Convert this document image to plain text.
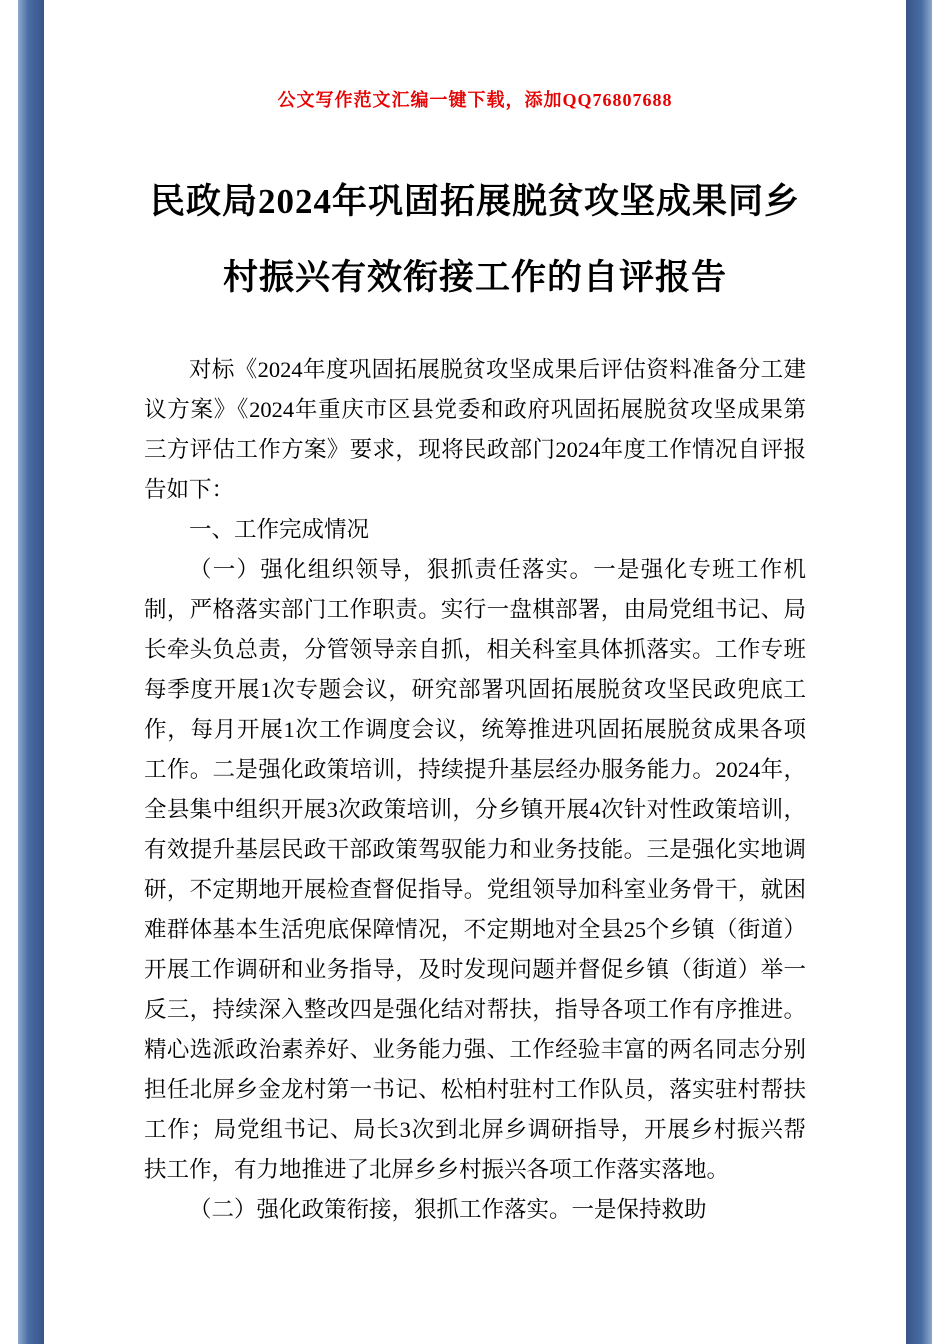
公文写作范文汇编一键下载，添加QQ76807688
民政局2024年巩固拓展脱贫攻坚成果同乡
村振兴有效衔接工作的自评报告

对标《2024年度巩固拓展脱贫攻坚成果后评估资料准备分工建议方案》《2024年重庆市区县党委和政府巩固拓展脱贫攻坚成果第三方评估工作方案》要求，现将民政部门2024年度工作情况自评报告如下：

一、工作完成情况

（一）强化组织领导，狠抓责任落实。一是强化专班工作机制，严格落实部门工作职责。实行一盘棋部署，由局党组书记、局长牵头负总责，分管领导亲自抓，相关科室具体抓落实。工作专班每季度开展1次专题会议，研究部署巩固拓展脱贫攻坚民政兜底工作，每月开展1次工作调度会议，统筹推进巩固拓展脱贫成果各项工作。二是强化政策培训，持续提升基层经办服务能力。2024年，全县集中组织开展3次政策培训，分乡镇开展4次针对性政策培训，有效提升基层民政干部政策驾驭能力和业务技能。三是强化实地调研，不定期地开展检查督促指导。党组领导加科室业务骨干，就困难群体基本生活兜底保障情况，不定期地对全县25个乡镇（街道）开展工作调研和业务指导，及时发现问题并督促乡镇（街道）举一反三，持续深入整改四是强化结对帮扶，指导各项工作有序推进。精心选派政治素养好、业务能力强、工作经验丰富的两名同志分别担任北屏乡金龙村第一书记、松柏村驻村工作队员，落实驻村帮扶工作；局党组书记、局长3次到北屏乡调研指导，开展乡村振兴帮扶工作，有力地推进了北屏乡乡村振兴各项工作落实落地。

（二）强化政策衔接，狠抓工作落实。一是保持救助
